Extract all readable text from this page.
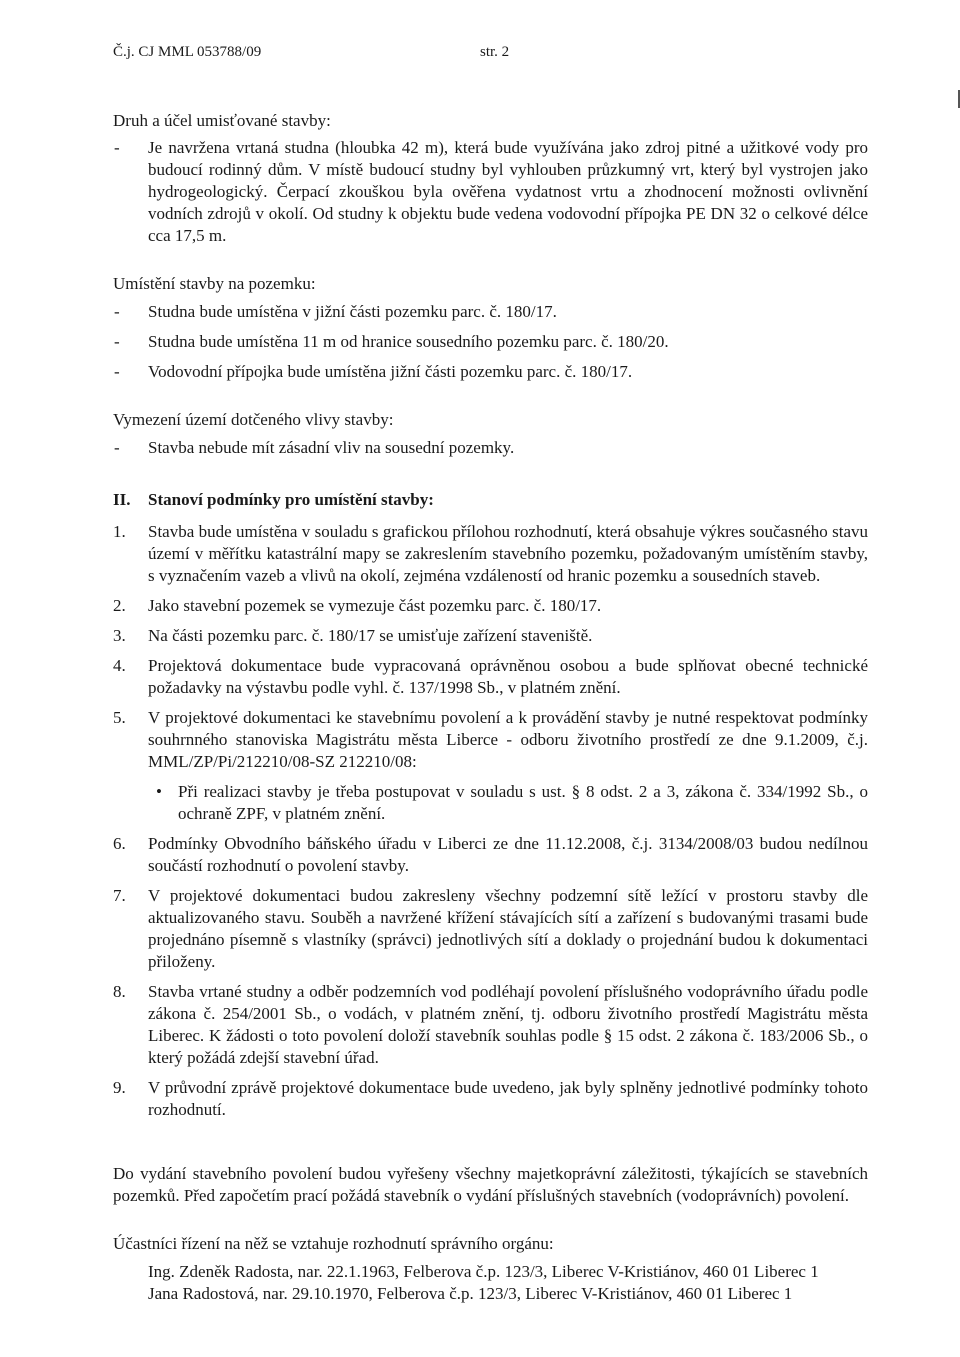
Č.j. CJ MML 053788/09	str. 2
Druh a účel umisťované stavby:
- Je navržena vrtaná studna (hloubka 42 m), která bude využívána jako zdroj pitné a užitkové vody pro budoucí rodinný dům. V místě budoucí studny byl vyhlouben průzkumný vrt, který byl vystrojen jako hydrogeologický. Čerpací zkouškou byla ověřena vydatnost vrtu a zhodnocení možnosti ovlivnění vodních zdrojů v okolí. Od studny k objektu bude vedena vodovodní přípojka PE DN 32 o celkové délce cca 17,5 m.
Umístění stavby na pozemku:
- Studna bude umístěna v jižní části pozemku parc. č. 180/17.
- Studna bude umístěna 11 m od hranice sousedního pozemku parc. č. 180/20.
- Vodovodní přípojka bude umístěna jižní části pozemku parc. č. 180/17.
Vymezení území dotčeného vlivy stavby:
- Stavba nebude mít zásadní vliv na sousední pozemky.
II.	Stanoví podmínky pro umístění stavby:
1.	Stavba bude umístěna v souladu s grafickou přílohou rozhodnutí, která obsahuje výkres současného stavu území v měřítku katastrální mapy se zakreslením stavebního pozemku, požadovaným umístěním stavby, s vyznačením vazeb a vlivů na okolí, zejména vzdáleností od hranic pozemku a sousedních staveb.
2.	Jako stavební pozemek se vymezuje část pozemku parc. č. 180/17.
3.	Na části pozemku parc. č. 180/17 se umisťuje zařízení staveniště.
4.	Projektová dokumentace bude vypracovaná oprávněnou osobou a bude splňovat obecné technické požadavky na výstavbu podle vyhl. č. 137/1998 Sb., v platném znění.
5.	V projektové dokumentaci ke stavebnímu povolení a k provádění stavby je nutné respektovat podmínky souhrnného stanoviska Magistrátu města Liberce - odboru životního prostředí ze dne 9.1.2009, č.j. MML/ZP/Pi/212210/08-SZ 212210/08:
• Při realizaci stavby je třeba postupovat v souladu s ust. § 8 odst. 2 a 3, zákona č. 334/1992 Sb., o ochraně ZPF, v platném znění.
6.	Podmínky Obvodního báňského úřadu v Liberci ze dne 11.12.2008, č.j. 3134/2008/03 budou nedílnou součástí rozhodnutí o povolení stavby.
7.	V projektové dokumentaci budou zakresleny všechny podzemní sítě ležící v prostoru stavby dle aktualizovaného stavu. Souběh a navržené křížení stávajících sítí a zařízení s budovanými trasami bude projednáno písemně s vlastníky (správci) jednotlivých sítí a doklady o projednání budou k dokumentaci přiloženy.
8.	Stavba vrtané studny a odběr podzemních vod podléhají povolení příslušného vodoprávního úřadu podle zákona č. 254/2001 Sb., o vodách, v platném znění, tj. odboru životního prostředí Magistrátu města Liberec. K žádosti o toto povolení doloží stavebník souhlas podle § 15 odst. 2 zákona č. 183/2006 Sb., o který požádá zdejší stavební úřad.
9.	V průvodní zprávě projektové dokumentace bude uvedeno, jak byly splněny jednotlivé podmínky tohoto rozhodnutí.
Do vydání stavebního povolení budou vyřešeny všechny majetkoprávní záležitosti, týkajících se stavebních pozemků. Před započetím prací požádá stavebník o vydání příslušných stavebních (vodoprávních) povolení.
Účastníci řízení na něž se vztahuje rozhodnutí správního orgánu:
Ing. Zdeněk Radosta, nar. 22.1.1963, Felberova č.p. 123/3, Liberec V-Kristiánov, 460 01 Liberec 1
Jana Radostová, nar. 29.10.1970, Felberova č.p. 123/3, Liberec V-Kristiánov, 460 01 Liberec 1
